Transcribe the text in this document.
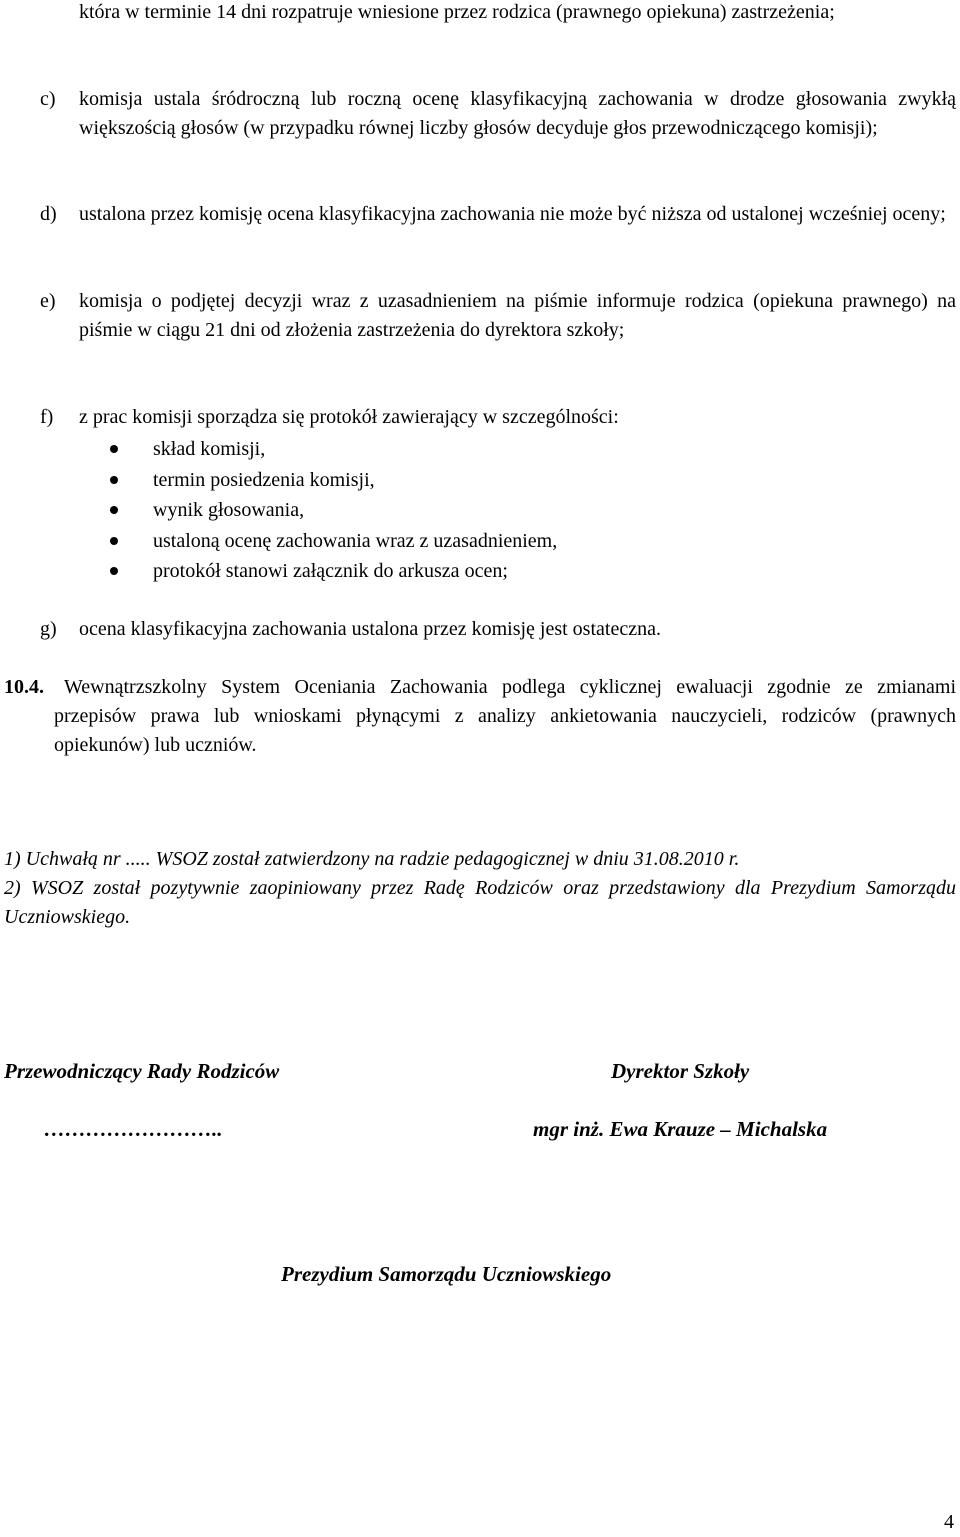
która w terminie 14 dni rozpatruje wniesione przez rodzica (prawnego opiekuna) zastrzeżenia;
c)	komisja ustala śródroczną lub roczną ocenę klasyfikacyjną zachowania w drodze głosowania zwykłą większością głosów (w przypadku równej liczby głosów decyduje głos przewodniczącego komisji);
d)	ustalona przez komisję ocena klasyfikacyjna zachowania nie może być niższa od ustalonej wcześniej oceny;
e)	komisja o podjętej decyzji wraz z uzasadnieniem na piśmie informuje rodzica (opiekuna prawnego) na piśmie w ciągu 21 dni od złożenia zastrzeżenia do dyrektora szkoły;
f)	z prac komisji sporządza się protokół zawierający w szczególności:
skład komisji,
termin posiedzenia komisji,
wynik głosowania,
ustaloną ocenę zachowania wraz z uzasadnieniem,
protokół stanowi załącznik do arkusza ocen;
g)	ocena klasyfikacyjna zachowania ustalona przez komisję jest ostateczna.
10.4.	Wewnątrzszkolny System Oceniania Zachowania podlega cyklicznej ewaluacji zgodnie ze zmianami przepisów prawa lub wnioskami płynącymi z analizy ankietowania nauczycieli, rodziców (prawnych opiekunów) lub uczniów.
1) Uchwałą nr ..... WSOZ został zatwierdzony na radzie pedagogicznej w dniu 31.08.2010 r.
2) WSOZ został pozytywnie zaopiniowany przez Radę Rodziców oraz przedstawiony dla Prezydium Samorządu Uczniowskiego.
Przewodniczący Rady Rodziców	Dyrektor Szkoły
……………………..	mgr inż. Ewa Krauze – Michalska
Prezydium Samorządu Uczniowskiego
4
